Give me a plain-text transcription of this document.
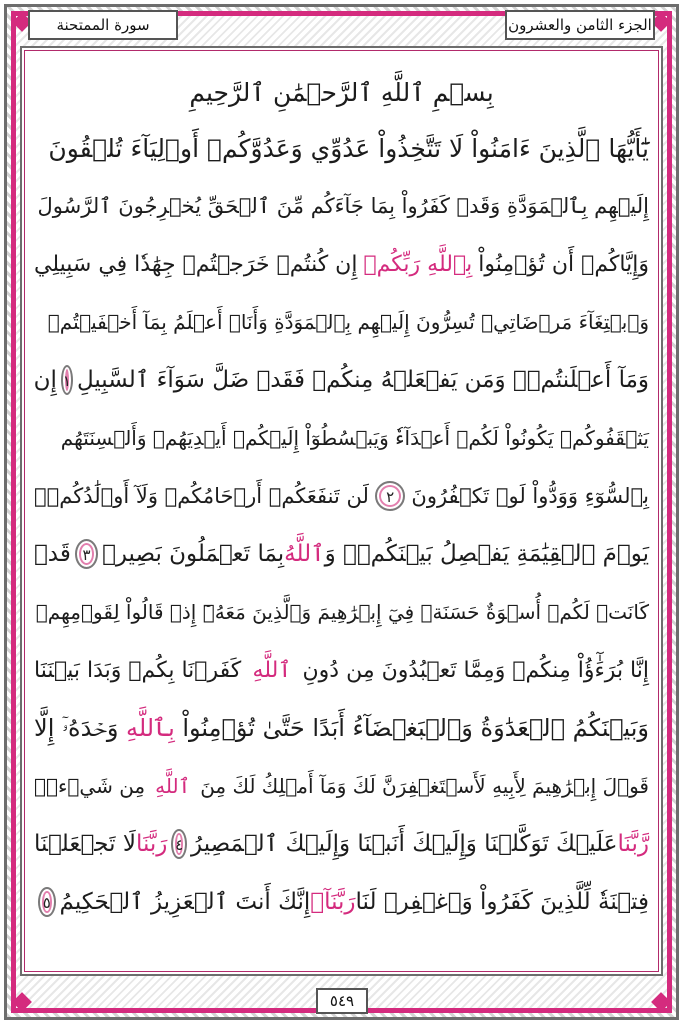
سورة الممتحنة	الجزء الثامن والعشرون
بِسۡمِ ٱللَّهِ ٱلرَّحۡمَٰنِ ٱلرَّحِيمِ
يَٰٓأَيُّهَا ٱلَّذِينَ ءَامَنُواْ لَا تَتَّخِذُواْ عَدُوِّي وَعَدُوَّكُمۡ أَوۡلِيَآءَ تُلۡقُونَ
إِلَيۡهِم بِٱلۡمَوَدَّةِ وَقَدۡ كَفَرُواْ بِمَا جَآءَكُم مِّنَ ٱلۡحَقِّ يُخۡرِجُونَ ٱلرَّسُولَ
وَإِيَّاكُمۡ أَن تُؤۡمِنُواْ
بِٱللَّهِ رَبِّكُمۡ
إِن كُنتُمۡ خَرَجۡتُمۡ جِهَٰدٗا فِي سَبِيلِي
وَٱبۡتِغَآءَ مَرۡضَاتِيۚ تُسِرُّونَ إِلَيۡهِم بِٱلۡمَوَدَّةِ وَأَنَا۠ أَعۡلَمُ بِمَآ أَخۡفَيۡتُمۡ
وَمَآ أَعۡلَنتُمۡۚ وَمَن يَفۡعَلۡهُ مِنكُمۡ فَقَدۡ ضَلَّ سَوَآءَ ٱلسَّبِيلِ
١
إِن
يَثۡقَفُوكُمۡ يَكُونُواْ لَكُمۡ أَعۡدَآءٗ وَيَبۡسُطُوٓاْ إِلَيۡكُمۡ أَيۡدِيَهُمۡ وَأَلۡسِنَتَهُم
بِٱلسُّوٓءِ وَوَدُّواْ لَوۡ تَكۡفُرُونَ
٢
لَن تَنفَعَكُمۡ أَرۡحَامُكُمۡ وَلَآ أَوۡلَٰدُكُمۡۚ
يَوۡمَ ٱلۡقِيَٰمَةِ يَفۡصِلُ بَيۡنَكُمۡۚ وَ
ٱللَّهُ
بِمَا تَعۡمَلُونَ بَصِيرٞ
٣
قَدۡ
كَانَتۡ لَكُمۡ أُسۡوَةٌ حَسَنَةٞ فِيٓ إِبۡرَٰهِيمَ وَٱلَّذِينَ مَعَهُۥٓ إِذۡ قَالُواْ لِقَوۡمِهِمۡ
إِنَّا بُرَءَٰٓؤُاْ مِنكُمۡ وَمِمَّا تَعۡبُدُونَ مِن دُونِ
ٱللَّهِ
كَفَرۡنَا بِكُمۡ وَبَدَا بَيۡنَنَا
وَبَيۡنَكُمُ ٱلۡعَدَٰوَةُ وَٱلۡبَغۡضَآءُ أَبَدًا حَتَّىٰ تُؤۡمِنُواْ
بِٱللَّهِ
وَحۡدَهُۥٓ إِلَّا
قَوۡلَ إِبۡرَٰهِيمَ لِأَبِيهِ لَأَسۡتَغۡفِرَنَّ لَكَ وَمَآ أَمۡلِكُ لَكَ مِنَ
ٱللَّهِ
مِن شَيۡءٖۖ
رَّبَّنَا
عَلَيۡكَ تَوَكَّلۡنَا وَإِلَيۡكَ أَنَبۡنَا وَإِلَيۡكَ ٱلۡمَصِيرُ
٤
رَبَّنَا
لَا تَجۡعَلۡنَا
فِتۡنَةٗ لِّلَّذِينَ كَفَرُواْ وَٱغۡفِرۡ لَنَا
رَبَّنَآۖ
إِنَّكَ أَنتَ ٱلۡعَزِيزُ ٱلۡحَكِيمُ
٥
٥٤٩
